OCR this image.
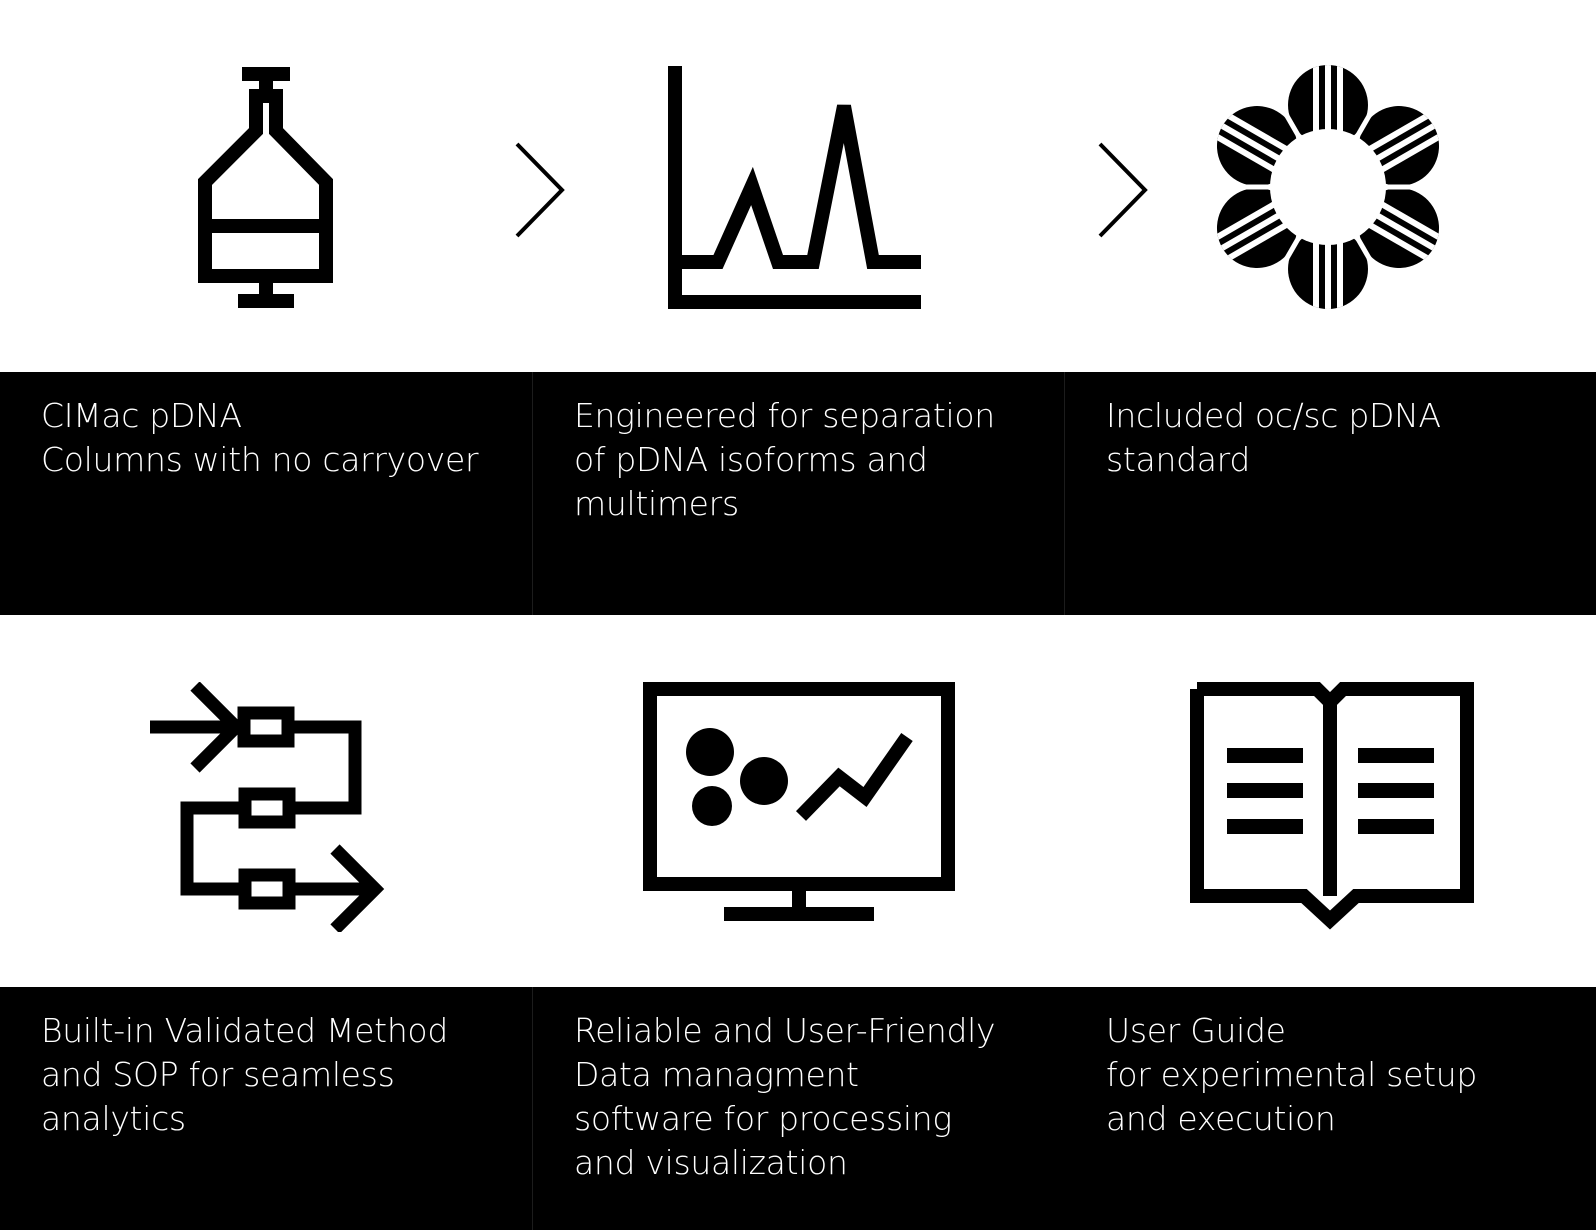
CIMac pDNA
Columns with no carryover
Engineered for separation
of pDNA isoforms and
multimers
Included oc/sc pDNA
standard
Built-in Validated Method
and SOP for seamless
analytics
Reliable and User-Friendly
Data managment
software for processing
and visualization
User Guide
for experimental setup
and execution
